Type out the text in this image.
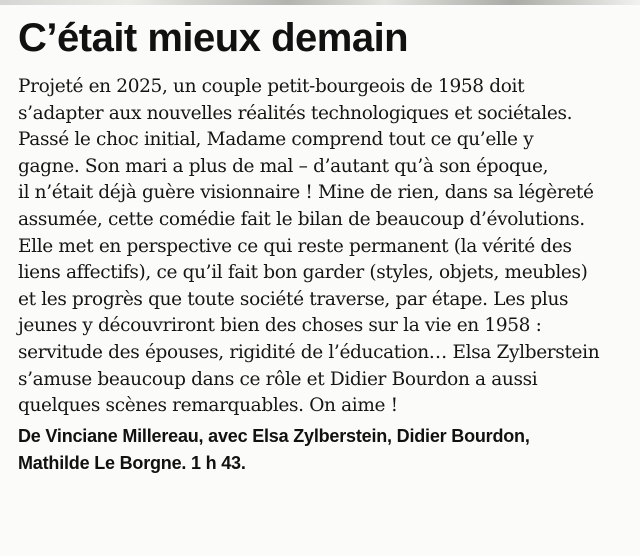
C’était mieux demain
Projeté en 2025, un couple petit-bourgeois de 1958 doit
s’adapter aux nouvelles réalités technologiques et sociétales.
Passé le choc initial, Madame comprend tout ce qu’elle y
gagne. Son mari a plus de mal – d’autant qu’à son époque,
il n’était déjà guère visionnaire ! Mine de rien, dans sa légèreté
assumée, cette comédie fait le bilan de beaucoup d’évolutions.
Elle met en perspective ce qui reste permanent (la vérité des
liens affectifs), ce qu’il fait bon garder (styles, objets, meubles)
et les progrès que toute société traverse, par étape. Les plus
jeunes y découvriront bien des choses sur la vie en 1958 :
servitude des épouses, rigidité de l’éducation… Elsa Zylberstein
s’amuse beaucoup dans ce rôle et Didier Bourdon a aussi
quelques scènes remarquables. On aime !
De Vinciane Millereau, avec Elsa Zylberstein, Didier Bourdon,
Mathilde Le Borgne. 1 h 43.
